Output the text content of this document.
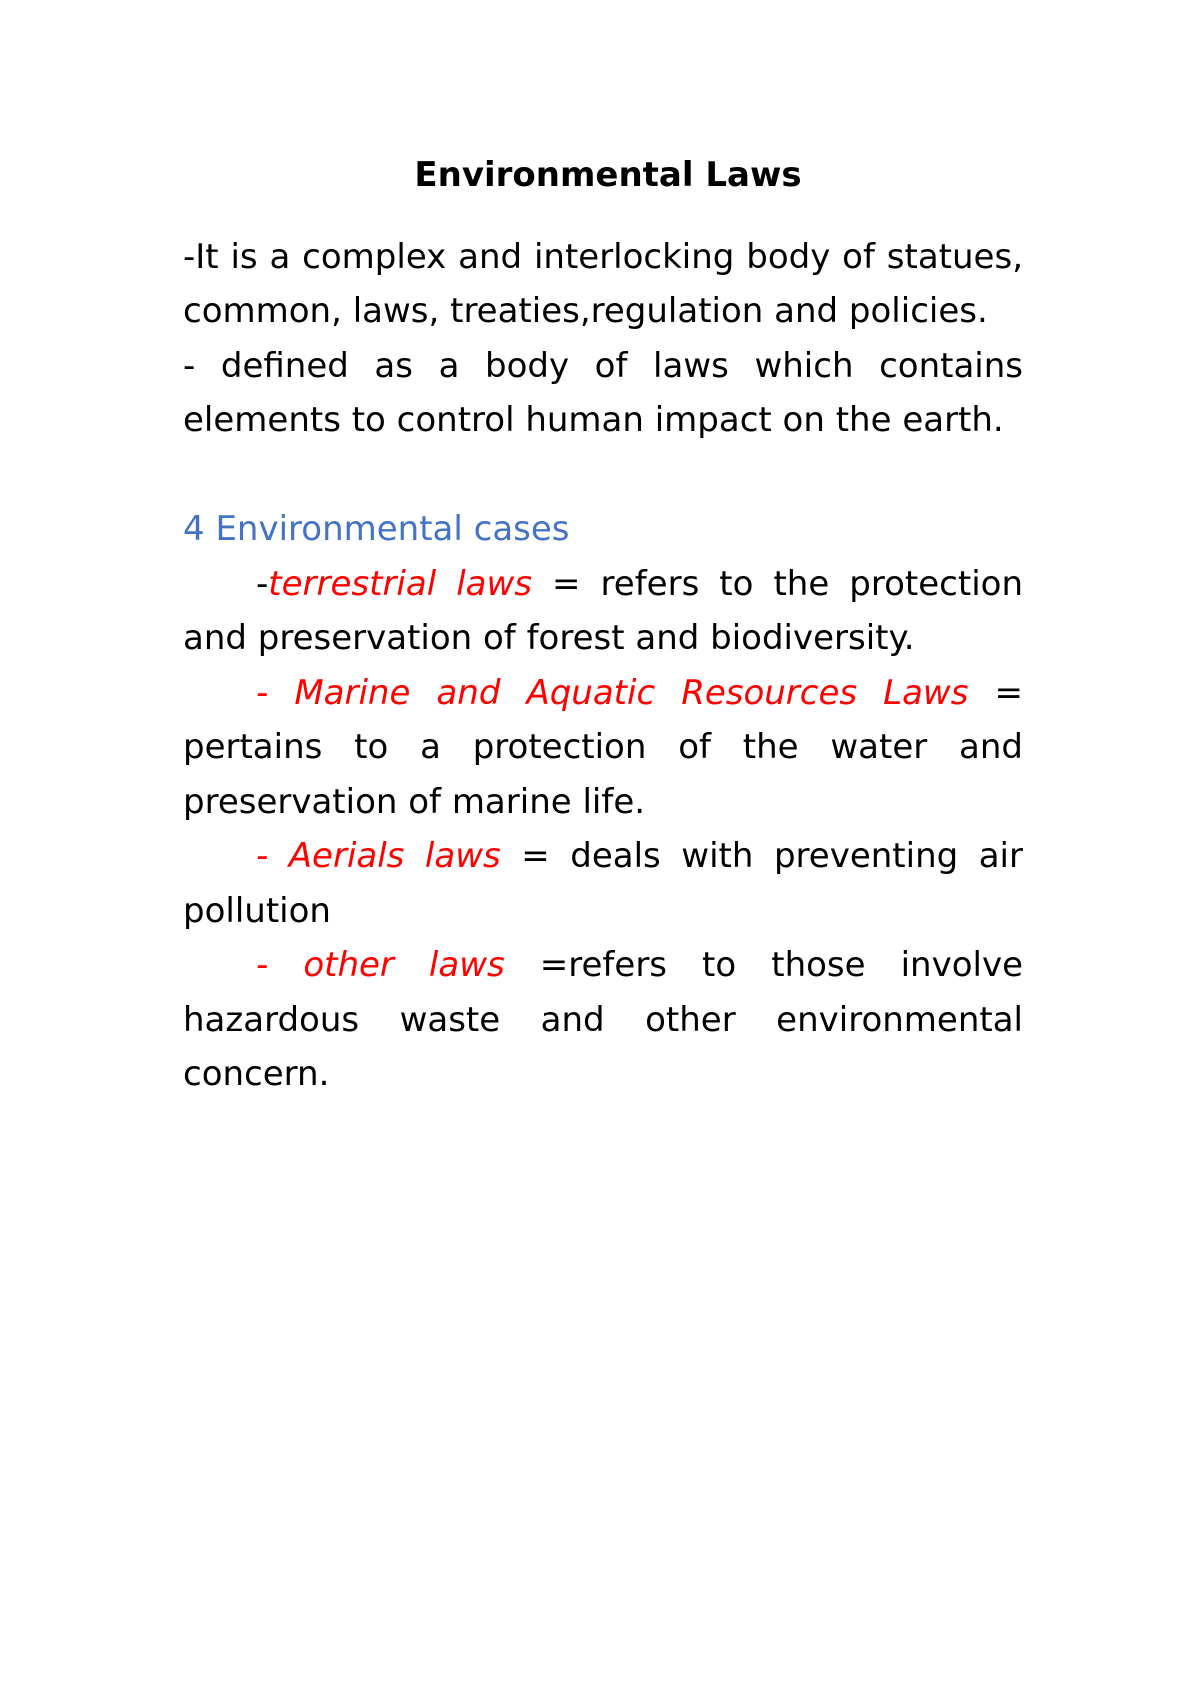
Environmental Laws

-It is a complex and interlocking body of statues, common, laws, treaties,regulation and policies.

- defined as a body of laws which contains elements to control human impact on the earth.

4 Environmental cases

-terrestrial laws = refers to the protection and preservation of forest and biodiversity.

- Marine and Aquatic Resources Laws = pertains to a protection of the water and preservation of marine life.

- Aerials laws = deals with preventing air pollution

- other laws =refers to those involve hazardous waste and other environmental concern.
